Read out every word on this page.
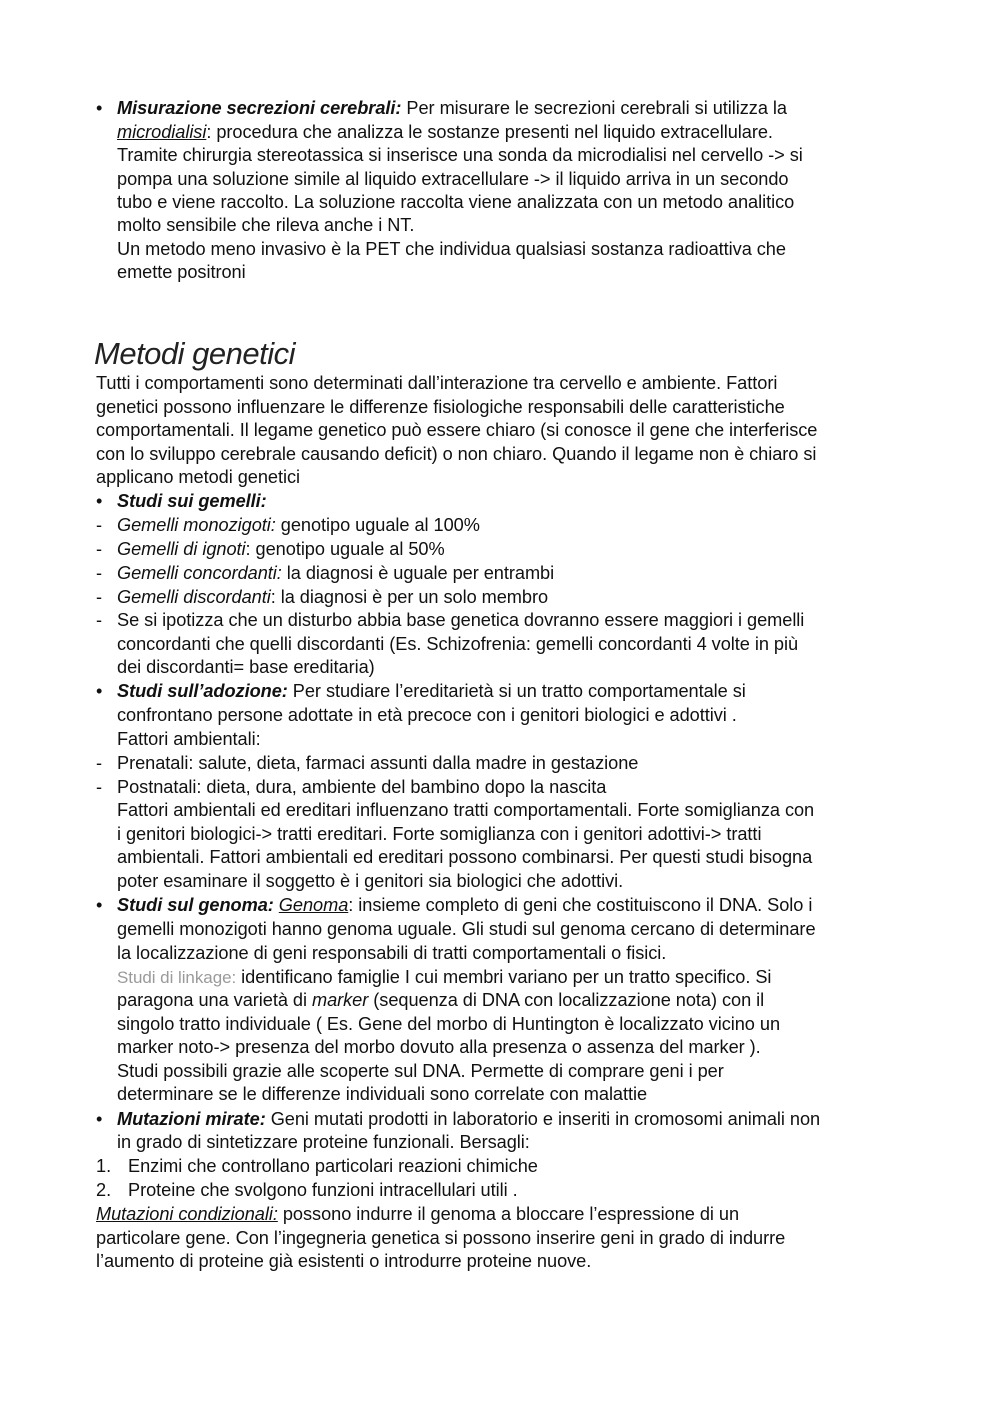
• Misurazione secrezioni cerebrali: Per misurare le secrezioni cerebrali si utilizza la
microdialisi: procedura che analizza le sostanze presenti nel liquido extracellulare.
Tramite chirurgia stereotassica si inserisce una sonda da microdialisi nel cervello -> si
pompa una soluzione simile al liquido extracellulare -> il liquido arriva in un secondo
tubo e viene raccolto. La soluzione raccolta viene analizzata con un metodo analitico
molto sensibile che rileva anche i NT.
Un metodo meno invasivo è la PET che individua qualsiasi sostanza radioattiva che
emette positroni
Metodi genetici
Tutti i comportamenti sono determinati dall’interazione tra cervello e ambiente. Fattori
genetici possono influenzare le differenze fisiologiche responsabili delle caratteristiche
comportamentali. Il legame genetico può essere chiaro (si conosce il gene che interferisce
con lo sviluppo cerebrale causando deficit) o non chiaro. Quando il legame non è chiaro si
applicano metodi genetici
• Studi sui gemelli:
- Gemelli monozigoti: genotipo uguale al 100%
- Gemelli di ignoti: genotipo uguale al 50%
- Gemelli concordanti: la diagnosi è uguale per entrambi
- Gemelli discordanti: la diagnosi è per un solo membro
- Se si ipotizza che un disturbo abbia base genetica dovranno essere maggiori i gemelli
concordanti che quelli discordanti (Es. Schizofrenia: gemelli concordanti 4 volte in più
dei discordanti= base ereditaria)
• Studi sull’adozione: Per studiare l’ereditarietà si un tratto comportamentale si
confrontano persone adottate in età precoce con i genitori biologici e adottivi .
Fattori ambientali:
- Prenatali: salute, dieta, farmaci assunti dalla madre in gestazione
- Postnatali: dieta, dura, ambiente del bambino dopo la nascita
Fattori ambientali ed ereditari influenzano tratti comportamentali. Forte somiglianza con
i genitori biologici-> tratti ereditari. Forte somiglianza con i genitori adottivi-> tratti
ambientali. Fattori ambientali ed ereditari possono combinarsi. Per questi studi bisogna
poter esaminare il soggetto è i genitori sia biologici che adottivi.
• Studi sul genoma: Genoma: insieme completo di geni che costituiscono il DNA. Solo i
gemelli monozigoti hanno genoma uguale. Gli studi sul genoma cercano di determinare
la localizzazione di geni responsabili di tratti comportamentali o fisici.
Studi di linkage: identificano famiglie I cui membri variano per un tratto specifico. Si
paragona una varietà di marker (sequenza di DNA con localizzazione nota) con il
singolo tratto individuale ( Es. Gene del morbo di Huntington è localizzato vicino un
marker noto-> presenza del morbo dovuto alla presenza o assenza del marker ).
Studi possibili grazie alle scoperte sul DNA. Permette di comprare geni i per
determinare se le differenze individuali sono correlate con malattie
• Mutazioni mirate: Geni mutati prodotti in laboratorio e inseriti in cromosomi animali non
in grado di sintetizzare proteine funzionali. Bersagli:
1. Enzimi che controllano particolari reazioni chimiche
2. Proteine che svolgono funzioni intracellulari utili .
Mutazioni condizionali: possono indurre il genoma a bloccare l’espressione di un
particolare gene. Con l’ingegneria genetica si possono inserire geni in grado di indurre
l’aumento di proteine già esistenti o introdurre proteine nuove.
